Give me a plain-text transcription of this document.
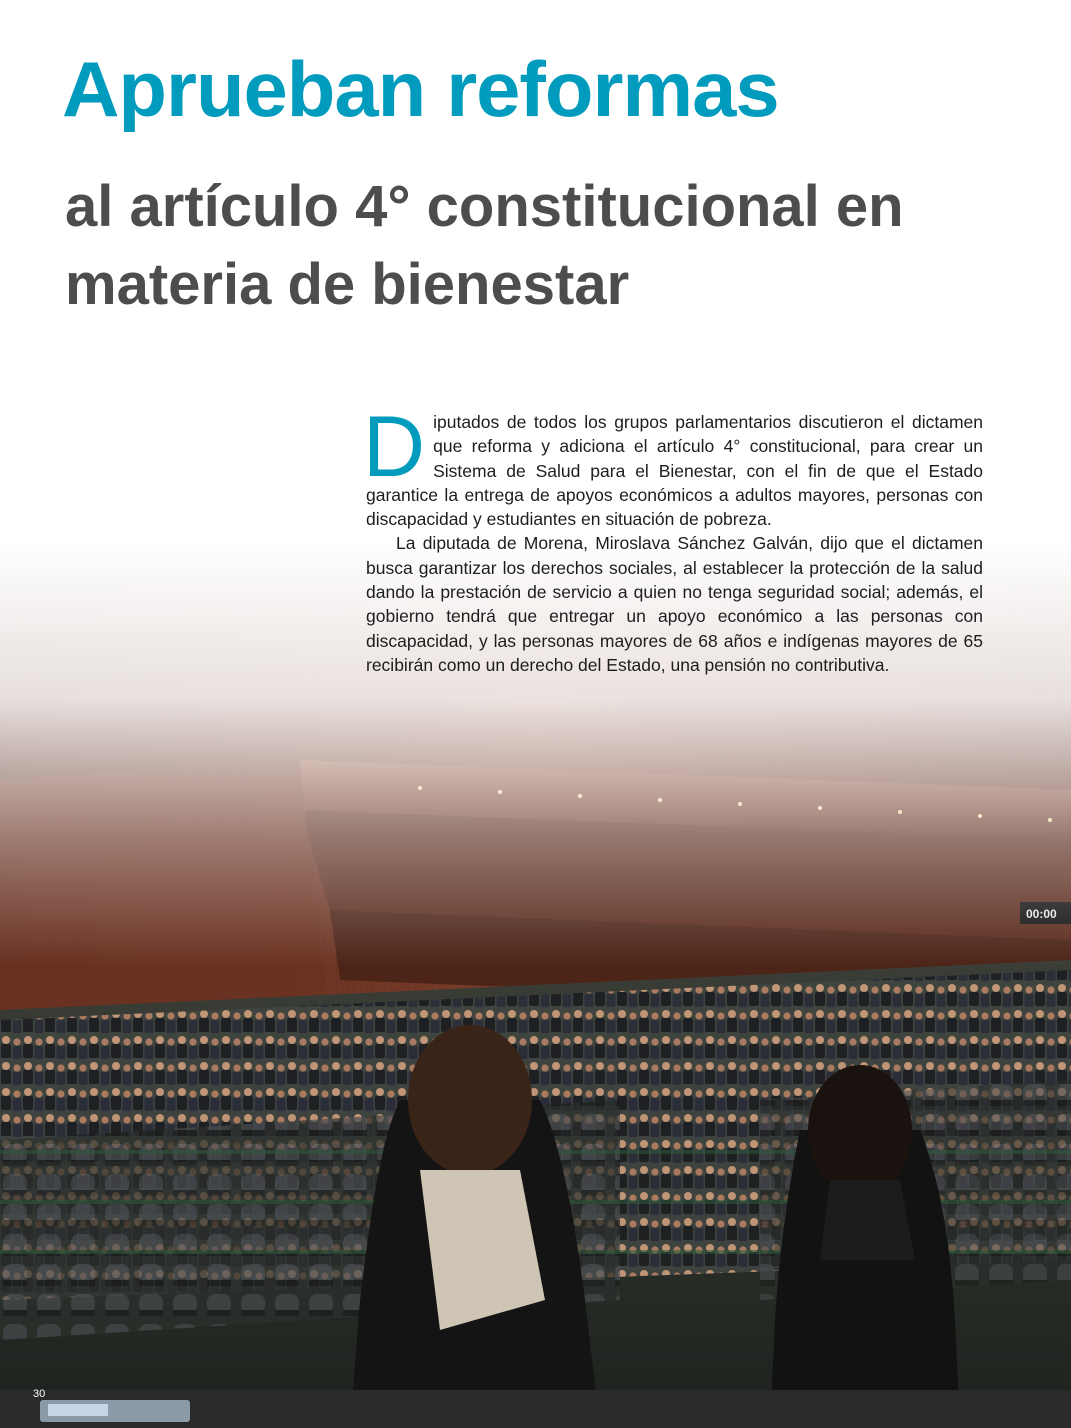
Aprueban reformas
al artículo 4° constitucional en materia de bienestar

Diputados de todos los grupos parlamentarios discutieron el dictamen que reforma y adiciona el artículo 4° constitucional, para crear un Sistema de Salud para el Bienestar, con el fin de que el Estado garantice la entrega de apoyos económicos a adultos mayores, personas con discapacidad y estudiantes en situación de pobreza.

La diputada de Morena, Miroslava Sánchez Galván, dijo que el dictamen busca garantizar los derechos sociales, al establecer la protección de la salud dando la prestación de servicio a quien no tenga seguridad social; además, el gobierno tendrá que entregar un apoyo económico a las personas con discapacidad, y las personas mayores de 68 años e indígenas mayores de 65 recibirán como un derecho del Estado, una pensión no contributiva.

30
